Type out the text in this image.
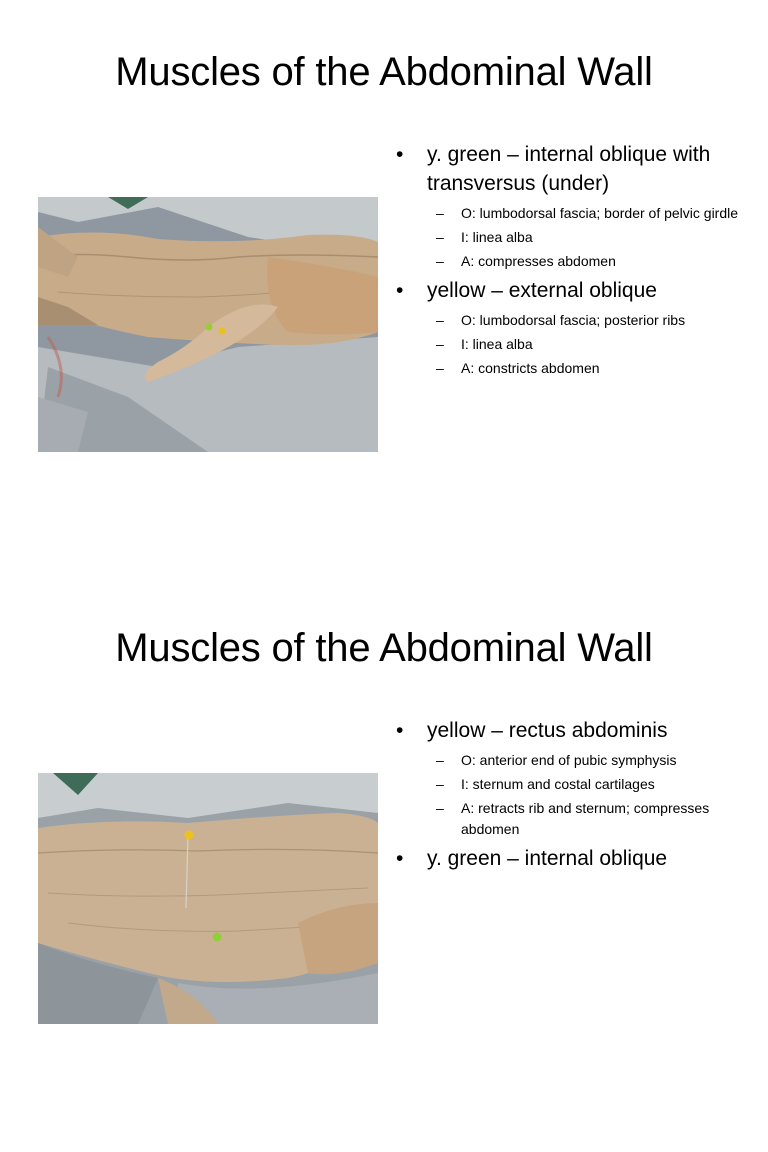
Muscles of the Abdominal Wall
• y. green – internal oblique with transversus (under)
– O: lumbodorsal fascia; border of pelvic girdle
– I: linea alba
– A: compresses abdomen
• yellow – external oblique
– O: lumbodorsal fascia; posterior ribs
– I: linea alba
– A: constricts abdomen
Muscles of the Abdominal Wall
• yellow – rectus abdominis
– O: anterior end of pubic symphysis
– I: sternum and costal cartilages
– A: retracts rib and sternum; compresses abdomen
• y. green – internal oblique
